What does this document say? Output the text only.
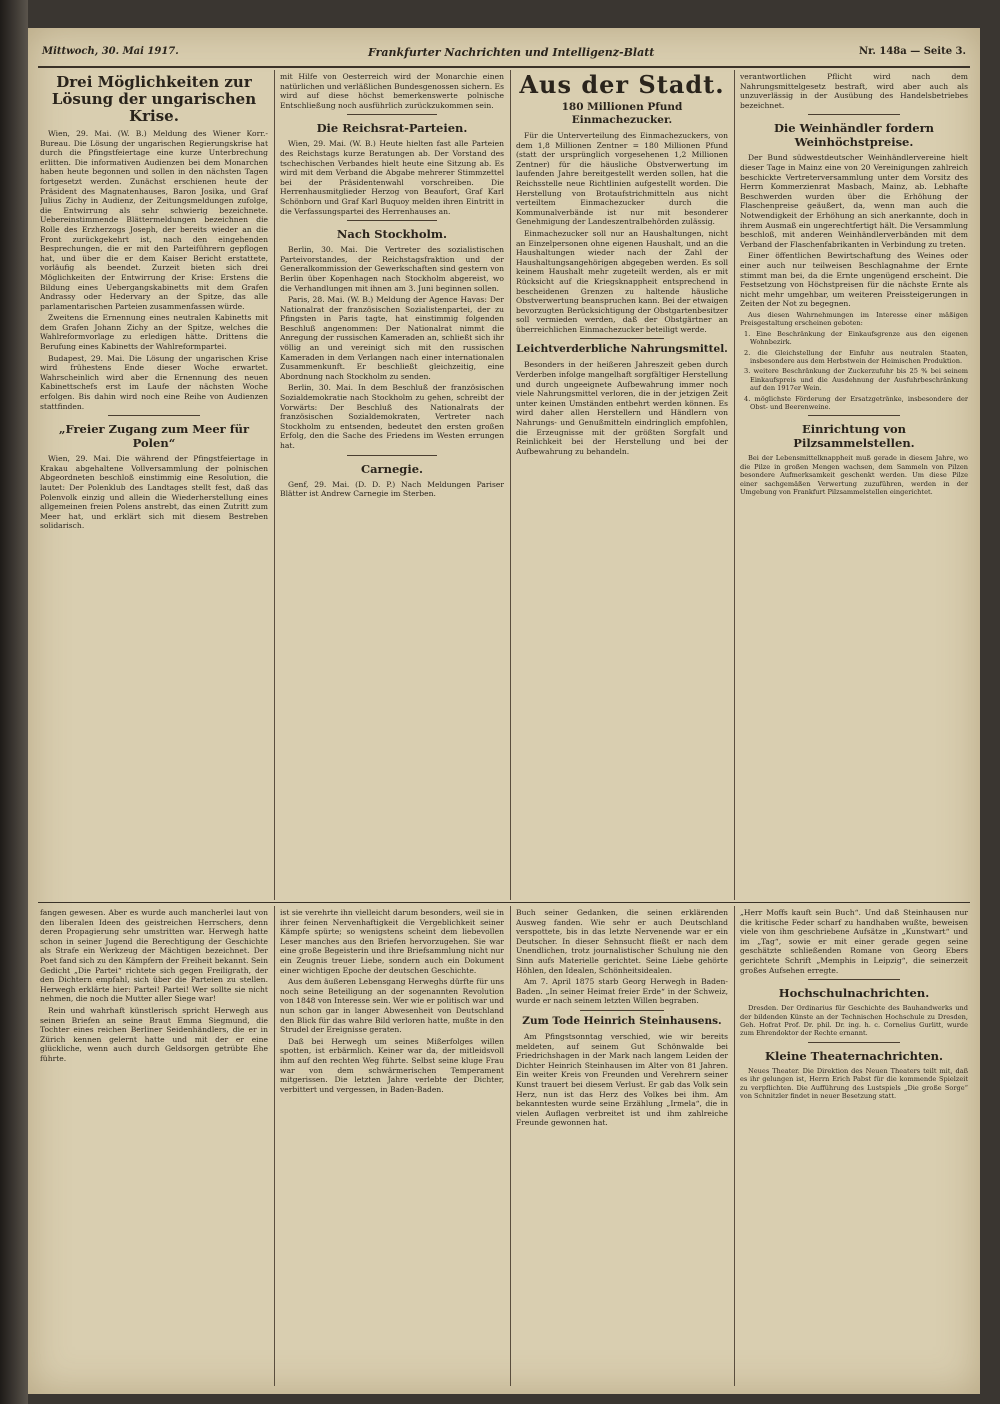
Mittwoch, 30. Mai 1917.	Frankfurter Nachrichten und Intelligenz-Blatt	Nr. 148a — Seite 3.
Drei Möglichkeiten zur Lösung der ungarischen Krise.

Wien, 29. Mai. (W. B.) Meldung des Wiener Korr.-Bureau. Die Lösung der ungarischen Regierungskrise hat durch die Pfingstfeiertage eine kurze Unterbrechung erlitten. Die informativen Audienzen bei dem Monarchen haben heute begonnen und sollen in den nächsten Tagen fortgesetzt werden. Zunächst erschienen heute der Präsident des Magnatenhauses, Baron Josika, und Graf Julius Zichy in Audienz, der Zeitungsmeldungen zufolge, die Entwirrung als sehr schwierig bezeichnete. Uebereinstimmende Blättermeldungen bezeichnen die Rolle des Erzherzogs Joseph, der bereits wieder an die Front zurückgekehrt ist, nach den eingehenden Besprechungen, die er mit den Parteiführern gepflogen hat, und über die er dem Kaiser Bericht erstattete, vorläufig als beendet. Zurzeit bieten sich drei Möglichkeiten der Entwirrung der Krise: Erstens die Bildung eines Uebergangskabinetts mit dem Grafen Andrassy oder Hedervary an der Spitze, das alle parlamentarischen Parteien zusammenfassen würde.

Zweitens die Ernennung eines neutralen Kabinetts mit dem Grafen Johann Zichy an der Spitze, welches die Wahlreformvorlage zu erledigen hätte. Drittens die Berufung eines Kabinetts der Wahlreformpartei.

Budapest, 29. Mai. Die Lösung der ungarischen Krise wird frühestens Ende dieser Woche erwartet. Wahrscheinlich wird aber die Ernennung des neuen Kabinettschefs erst im Laufe der nächsten Woche erfolgen. Bis dahin wird noch eine Reihe von Audienzen stattfinden.

„Freier Zugang zum Meer für Polen“

Wien, 29. Mai. Die während der Pfingstfeiertage in Krakau abgehaltene Vollversammlung der polnischen Abgeordneten beschloß einstimmig eine Resolution, die lautet: Der Polenklub des Landtages stellt fest, daß das Polenvolk einzig und allein die Wiederherstellung eines allgemeinen freien Polens anstrebt, das einen Zutritt zum Meer hat, und erklärt sich mit diesem Bestreben solidarisch.

mit Hilfe von Oesterreich wird der Monarchie einen natürlichen und verläßlichen Bundesgenossen sichern. Es wird auf diese höchst bemerkenswerte polnische Entschließung noch ausführlich zurückzukommen sein.

Die Reichsrat-Parteien.

Wien, 29. Mai. (W. B.) Heute hielten fast alle Parteien des Reichstags kurze Beratungen ab. Der Vorstand des tschechischen Verbandes hielt heute eine Sitzung ab. Es wird mit dem Verband die Abgabe mehrerer Stimmzettel bei der Präsidentenwahl vorschreiben. Die Herrenhausmitglieder Herzog von Beaufort, Graf Karl Schönborn und Graf Karl Buquoy melden ihren Eintritt in die Verfassungspartei des Herrenhauses an.

Nach Stockholm.

Berlin, 30. Mai. Die Vertreter des sozialistischen Parteivorstandes, der Reichstagsfraktion und der Generalkommission der Gewerkschaften sind gestern von Berlin über Kopenhagen nach Stockholm abgereist, wo die Verhandlungen mit ihnen am 3. Juni beginnen sollen.

Paris, 28. Mai. (W. B.) Meldung der Agence Havas: Der Nationalrat der französischen Sozialistenpartei, der zu Pfingsten in Paris tagte, hat einstimmig folgenden Beschluß angenommen: Der Nationalrat nimmt die Anregung der russischen Kameraden an, schließt sich ihr völlig an und vereinigt sich mit den russischen Kameraden in dem Verlangen nach einer internationalen Zusammenkunft. Er beschließt gleichzeitig, eine Abordnung nach Stockholm zu senden.

Berlin, 30. Mai. In dem Beschluß der französischen Sozialdemokratie nach Stockholm zu gehen, schreibt der Vorwärts: Der Beschluß des Nationalrats der französischen Sozialdemokraten, Vertreter nach Stockholm zu entsenden, bedeutet den ersten großen Erfolg, den die Sache des Friedens im Westen errungen hat.

Carnegie.

Genf, 29. Mai. (D. D. P.) Nach Meldungen Pariser Blätter ist Andrew Carnegie im Sterben.

Aus der Stadt.
180 Millionen Pfund Einmachezucker.

Für die Unterverteilung des Einmachezuckers, von dem 1,8 Millionen Zentner = 180 Millionen Pfund (statt der ursprünglich vorgesehenen 1,2 Millionen Zentner) für die häusliche Obstverwertung im laufenden Jahre bereitgestellt werden sollen, hat die Reichsstelle neue Richtlinien aufgestellt worden. Die Herstellung von Brotaufstrichmitteln aus nicht verteiltem Einmachezucker durch die Kommunalverbände ist nur mit besonderer Genehmigung der Landeszentralbehörden zulässig.

Einmachezucker soll nur an Haushaltungen, nicht an Einzelpersonen ohne eigenen Haushalt, und an die Haushaltungen wieder nach der Zahl der Haushaltungsangehörigen abgegeben werden. Es soll keinem Haushalt mehr zugeteilt werden, als er mit Rücksicht auf die Kriegsknappheit entsprechend in bescheidenen Grenzen zu haltende häusliche Obstverwertung beanspruchen kann. Bei der etwaigen bevorzugten Berücksichtigung der Obstgartenbesitzer soll vermieden werden, daß der Obstgärtner an überreichlichen Einmachezucker beteiligt werde.

Leichtverderbliche Nahrungsmittel.

Besonders in der heißeren Jahreszeit geben durch Verderben infolge mangelhaft sorgfältiger Herstellung und durch ungeeignete Aufbewahrung immer noch viele Nahrungsmittel verloren, die in der jetzigen Zeit unter keinen Umständen entbehrt werden können. Es wird daher allen Herstellern und Händlern von Nahrungs- und Genußmitteln eindringlich empfohlen, die Erzeugnisse mit der größten Sorgfalt und Reinlichkeit bei der Herstellung und bei der Aufbewahrung zu behandeln.

verantwortlichen Pflicht wird nach dem Nahrungsmittelgesetz bestraft, wird aber auch als unzuverlässig in der Ausübung des Handelsbetriebes bezeichnet.

Die Weinhändler fordern Weinhöchstpreise.

Der Bund südwestdeutscher Weinhändlervereine hielt dieser Tage in Mainz eine von 20 Vereinigungen zahlreich beschickte Vertreterversammlung unter dem Vorsitz des Herrn Kommerzienrat Masbach, Mainz, ab. Lebhafte Beschwerden wurden über die Erhöhung der Flaschenpreise geäußert, da, wenn man auch die Notwendigkeit der Erhöhung an sich anerkannte, doch in ihrem Ausmaß ein ungerechtfertigt hält. Die Versammlung beschloß, mit anderen Weinhändlerverbänden mit dem Verband der Flaschenfabrikanten in Verbindung zu treten.

Einer öffentlichen Bewirtschaftung des Weines oder einer auch nur teilweisen Beschlagnahme der Ernte stimmt man bei, da die Ernte ungenügend erscheint. Die Festsetzung von Höchstpreisen für die nächste Ernte als nicht mehr umgehbar, um weiteren Preissteigerungen in Zeiten der Not zu begegnen.

Aus diesen Wahrnehmungen im Interesse einer mäßigen Preisgestaltung erscheinen geboten:

1. Eine Beschränkung der Einkaufsgrenze aus den eigenen Wohnbezirk.

2. die Gleichstellung der Einfuhr aus neutralen Staaten, insbesondere aus dem Herbstwein der Heimischen Produktion.

3. weitere Beschränkung der Zuckerzufuhr bis 25 % bei seinem Einkaufspreis und die Ausdehnung der Ausfuhrbeschränkung auf den 1917er Wein.

4. möglichste Förderung der Ersatzgetränke, insbesondere der Obst- und Beerenweine.

Einrichtung von Pilzsammelstellen.

Bei der Lebensmittelknappheit muß gerade in diesem Jahre, wo die Pilze in großen Mengen wachsen, dem Sammeln von Pilzen besondere Aufmerksamkeit geschenkt werden. Um diese Pilze einer sachgemäßen Verwertung zuzuführen, werden in der Umgebung von Frankfurt Pilzsammelstellen eingerichtet.

fangen gewesen. Aber es wurde auch mancherlei laut von den liberalen Ideen des geistreichen Herrschers, denn deren Propagierung sehr umstritten war. Herwegh hatte schon in seiner Jugend die Berechtigung der Geschichte als Strafe ein Werkzeug der Mächtigen bezeichnet. Der Poet fand sich zu den Kämpfern der Freiheit bekannt. Sein Gedicht „Die Partei“ richtete sich gegen Freiligrath, der den Dichtern empfahl, sich über die Parteien zu stellen. Herwegh erklärte hier: Partei! Partei! Wer sollte sie nicht nehmen, die noch die Mutter aller Siege war!

Rein und wahrhaft künstlerisch spricht Herwegh aus seinen Briefen an seine Braut Emma Siegmund, die Tochter eines reichen Berliner Seidenhändlers, die er in Zürich kennen gelernt hatte und mit der er eine glückliche, wenn auch durch Geldsorgen getrübte Ehe führte.

ist sie verehrte ihn vielleicht darum besonders, weil sie in ihrer feinen Nervenhaftigkeit die Vergeblichkeit seiner Kämpfe spürte; so wenigstens scheint dem liebevollen Leser manches aus den Briefen hervorzugehen. Sie war eine große Begeisterin und ihre Briefsammlung nicht nur ein Zeugnis treuer Liebe, sondern auch ein Dokument einer wichtigen Epoche der deutschen Geschichte.

Aus dem äußeren Lebensgang Herweghs dürfte für uns noch seine Beteiligung an der sogenannten Revolution von 1848 von Interesse sein. Wer wie er politisch war und nun schon gar in langer Abwesenheit von Deutschland den Blick für das wahre Bild verloren hatte, mußte in den Strudel der Ereignisse geraten.

Daß bei Herwegh um seines Mißerfolges willen spotten, ist erbärmlich. Keiner war da, der mitleidsvoll ihm auf den rechten Weg führte. Selbst seine kluge Frau war von dem schwärmerischen Temperament mitgerissen. Die letzten Jahre verlebte der Dichter, verbittert und vergessen, in Baden-Baden.

Buch seiner Gedanken, die seinen erklärenden Ausweg fanden. Wie sehr er auch Deutschland verspottete, bis in das letzte Nervenende war er ein Deutscher. In dieser Sehnsucht fließt er nach dem Unendlichen, trotz journalistischer Schulung nie den Sinn aufs Materielle gerichtet. Seine Liebe gehörte Höhlen, den Idealen, Schönheitsidealen.

Am 7. April 1875 starb Georg Herwegh in Baden-Baden. „In seiner Heimat freier Erde“ in der Schweiz, wurde er nach seinem letzten Willen begraben.

Zum Tode Heinrich Steinhausens.

Am Pfingstsonntag verschied, wie wir bereits meldeten, auf seinem Gut Schönwalde bei Friedrichshagen in der Mark nach langem Leiden der Dichter Heinrich Steinhausen im Alter von 81 Jahren. Ein weiter Kreis von Freunden und Verehrern seiner Kunst trauert bei diesem Verlust. Er gab das Volk sein Herz, nun ist das Herz des Volkes bei ihm. Am bekanntesten wurde seine Erzählung „Irmela“, die in vielen Auflagen verbreitet ist und ihm zahlreiche Freunde gewonnen hat.

„Herr Moffs kauft sein Buch“. Und daß Steinhausen nur die kritische Feder scharf zu handhaben wußte, beweisen viele von ihm geschriebene Aufsätze in „Kunstwart“ und im „Tag“, sowie er mit einer gerade gegen seine geschätzte schließenden Romane von Georg Ebers gerichtete Schrift „Memphis in Leipzig“, die seinerzeit großes Aufsehen erregte.

Hochschulnachrichten.

Dresden. Der Ordinarius für Geschichte des Bauhandwerks und der bildenden Künste an der Technischen Hochschule zu Dresden, Geh. Hofrat Prof. Dr. phil. Dr. ing. h. c. Cornelius Gurlitt, wurde zum Ehrendoktor der Rechte ernannt.

Kleine Theaternachrichten.

Neues Theater. Die Direktion des Neuen Theaters teilt mit, daß es ihr gelungen ist, Herrn Erich Pabst für die kommende Spielzeit zu verpflichten. Die Aufführung des Lustspiels „Die große Sorge“ von Schnitzler findet in neuer Besetzung statt.
